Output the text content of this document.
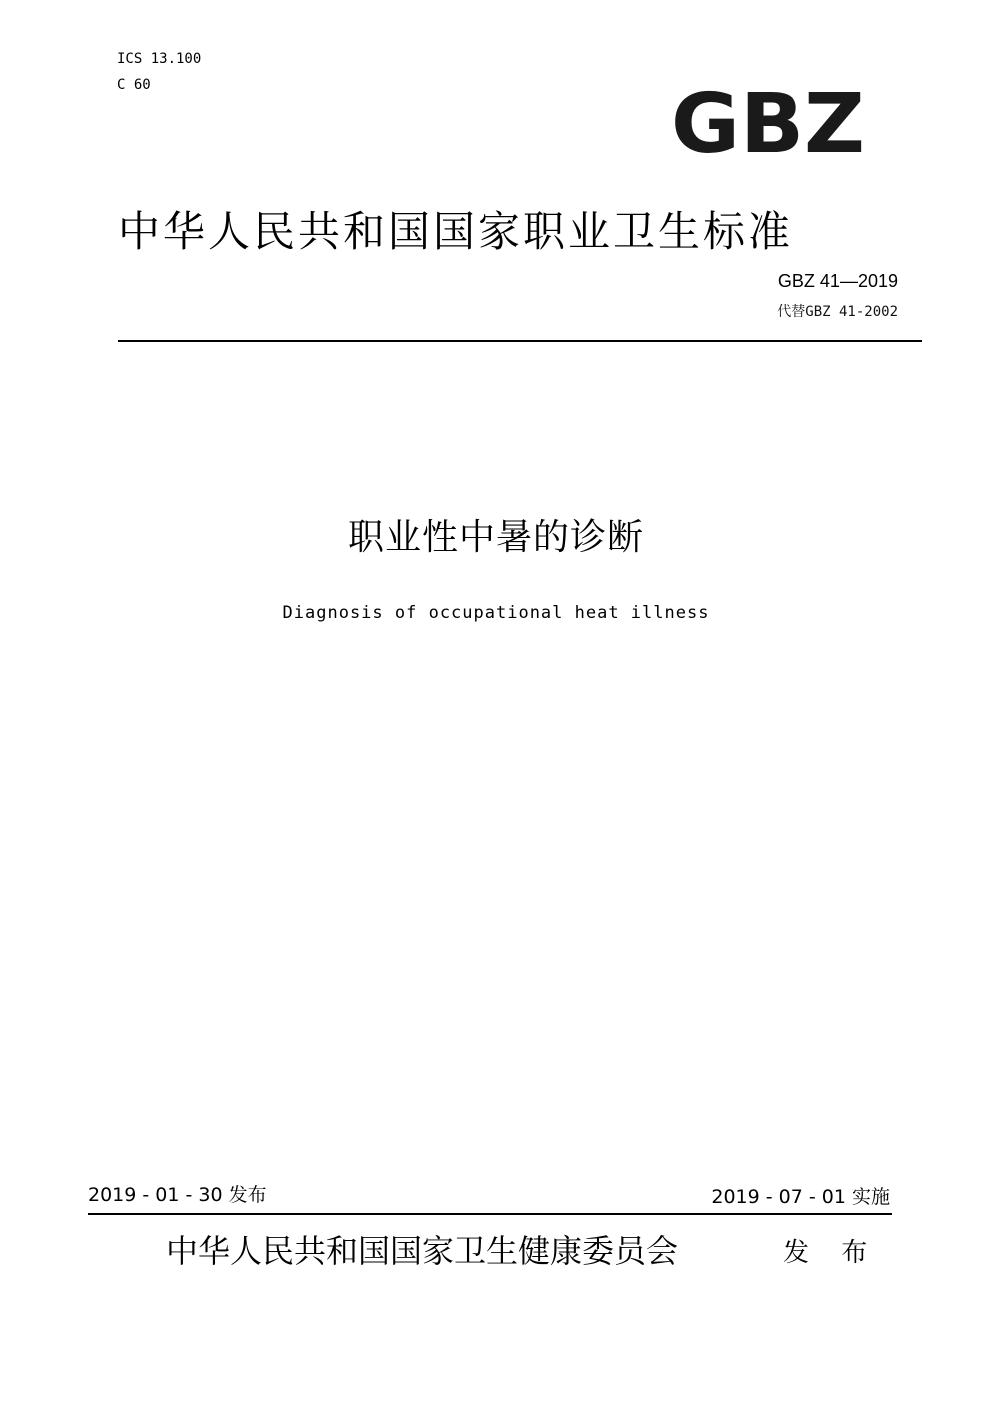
ICS 13.100
C 60	GBZ
中华人民共和国国家职业卫生标准
GBZ 41—2019
代替GBZ 41-2002
职业性中暑的诊断
Diagnosis of occupational heat illness
2019 - 01 - 30 发布	2019 - 07 - 01 实施
中华人民共和国国家卫生健康委员会	发 布
